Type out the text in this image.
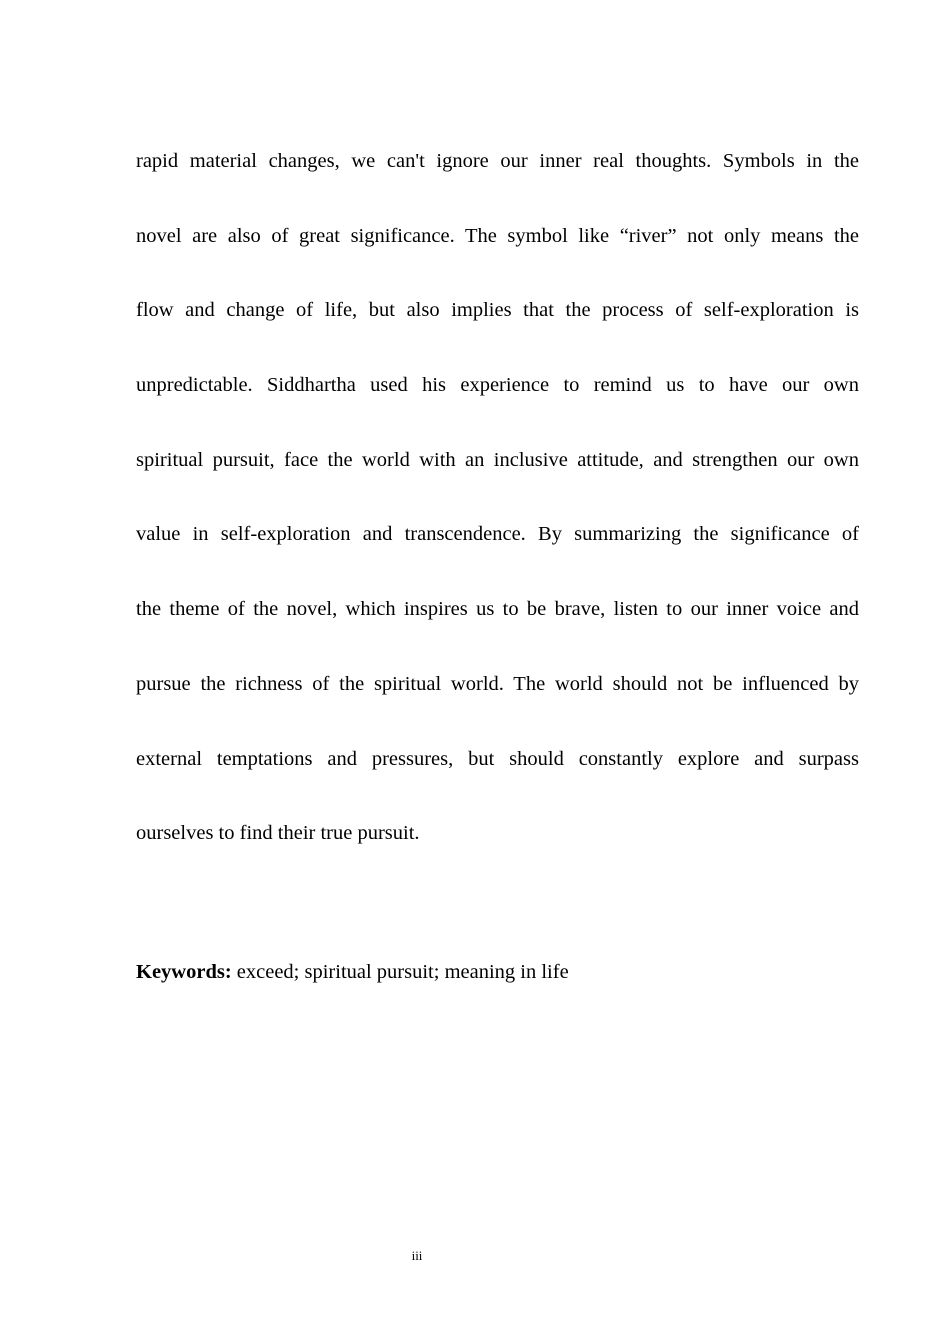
rapid material changes, we can't ignore our inner real thoughts. Symbols in the
novel are also of great significance. The symbol like “river” not only means the
flow and change of life, but also implies that the process of self-exploration is
unpredictable. Siddhartha used his experience to remind us to have our own
spiritual pursuit, face the world with an inclusive attitude, and strengthen our own
value in self-exploration and transcendence. By summarizing the significance of
the theme of the novel, which inspires us to be brave, listen to our inner voice and
pursue the richness of the spiritual world. The world should not be influenced by
external temptations and pressures, but should constantly explore and surpass
ourselves to find their true pursuit.

Keywords: exceed; spiritual pursuit; meaning in life

iii
